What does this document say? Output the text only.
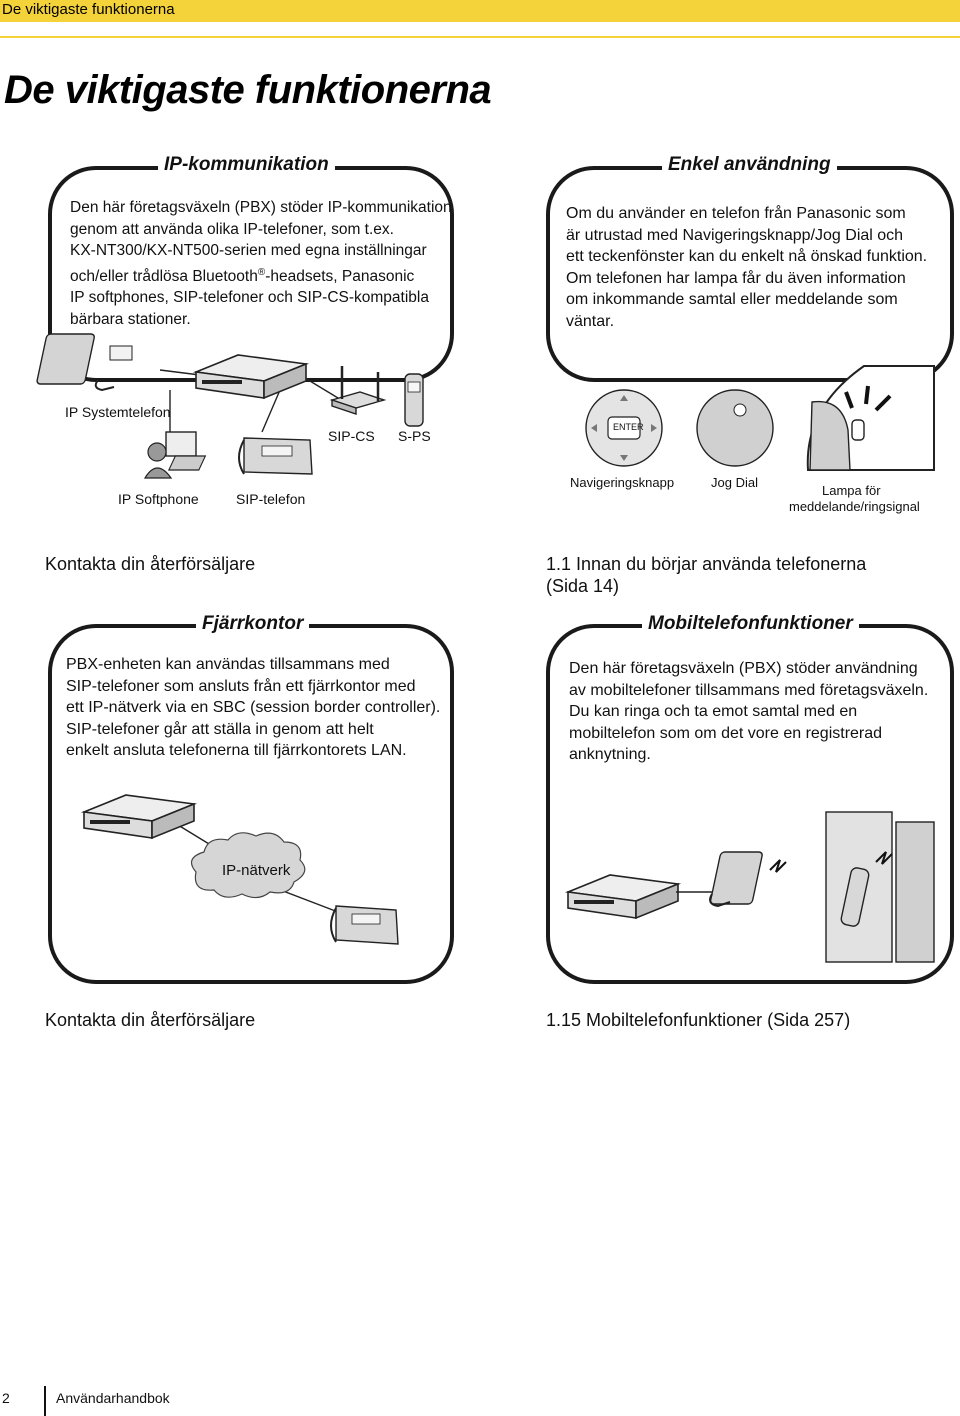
De viktigaste funktionerna
De viktigaste funktionerna
IP-kommunikation
Den här företagsväxeln (PBX) stöder IP-kommunikation
genom att använda olika IP-telefoner, som t.ex.
KX-NT300/KX-NT500-serien med egna inställningar
och/eller trådlösa Bluetooth®-headsets, Panasonic
IP softphones, SIP-telefoner och SIP-CS-kompatibla
bärbara stationer.
IP Systemtelefon
SIP-CS S-PS
IP Softphone	SIP-telefon
Kontakta din återförsäljare
Enkel användning
Om du använder en telefon från Panasonic som
är utrustad med Navigeringsknapp/Jog Dial och
ett teckenfönster kan du enkelt nå önskad funktion.
Om telefonen har lampa får du även information
om inkommande samtal eller meddelande som
väntar.
ENTER
Navigeringsknapp	Jog Dial
Lampa för
meddelande/ringsignal
1.1 Innan du börjar använda telefonerna
(Sida 14)
Fjärrkontor
PBX-enheten kan användas tillsammans med
SIP-telefoner som ansluts från ett fjärrkontor med
ett IP-nätverk via en SBC (session border controller).
SIP-telefoner går att ställa in genom att helt
enkelt ansluta telefonerna till fjärrkontorets LAN.
IP-nätverk
Kontakta din återförsäljare
Mobiltelefonfunktioner
Den här företagsväxeln (PBX) stöder användning
av mobiltelefoner tillsammans med företagsväxeln.
Du kan ringa och ta emot samtal med en
mobiltelefon som om det vore en registrerad
anknytning.
1.15 Mobiltelefonfunktioner (Sida 257)
2	Användarhandbok
